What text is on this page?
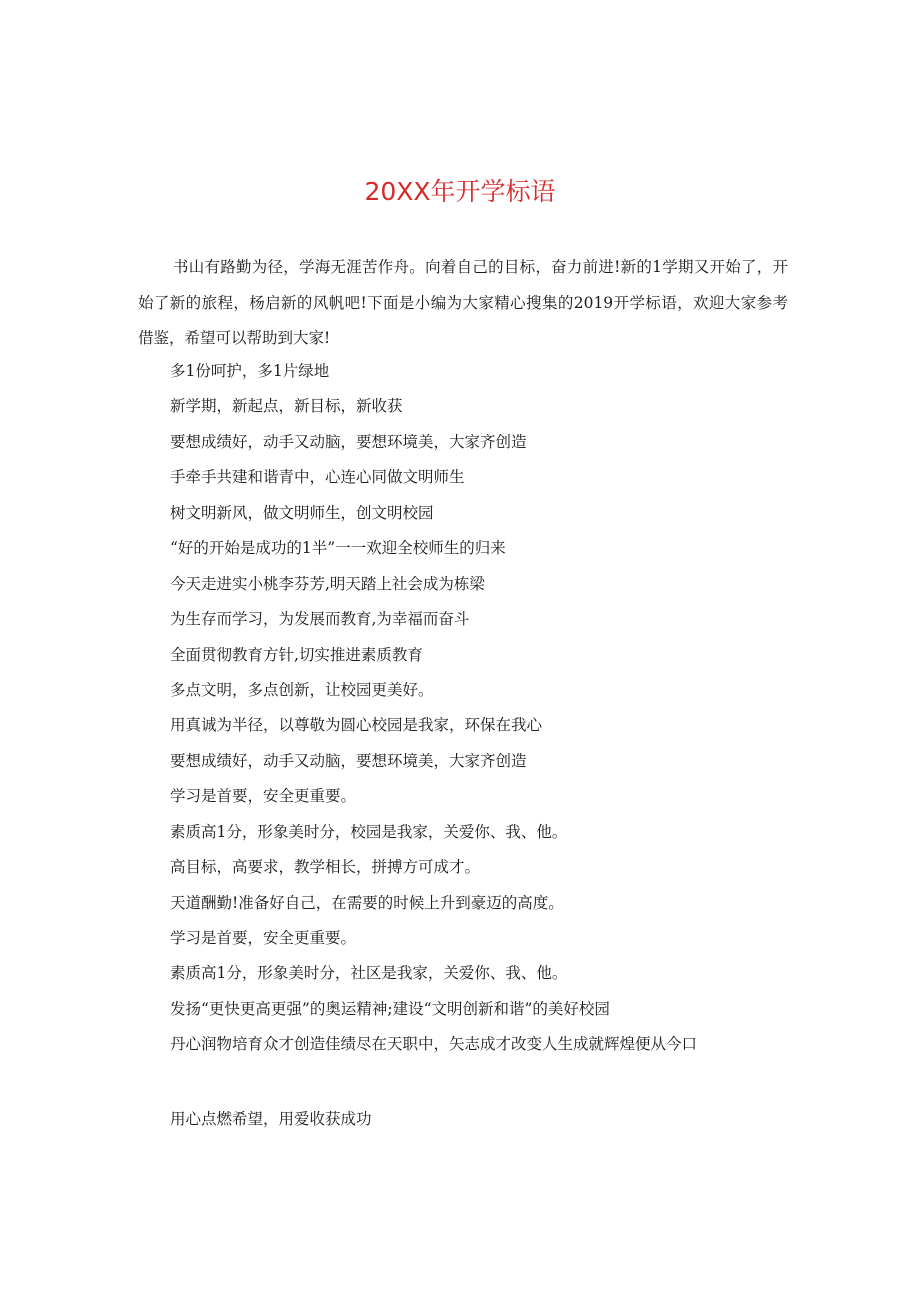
20XX年开学标语

书山有路勤为径，学海无涯苦作舟。向着自己的目标，奋力前进!新的1学期又开始了，开始了新的旅程，杨启新的风帆吧!下面是小编为大家精心搜集的2019开学标语，欢迎大家参考借鉴，希望可以帮助到大家!

多1份呵护，多1片绿地
新学期，新起点，新目标，新收获
要想成绩好，动手又动脑，要想环境美，大家齐创造
手牵手共建和谐青中，心连心同做文明师生
树文明新风，做文明师生，创文明校园
“好的开始是成功的1半”一一欢迎全校师生的归来
今天走进实小桃李芬芳,明天踏上社会成为栋梁
为生存而学习，为发展而教育,为幸福而奋斗
全面贯彻教育方针,切实推进素质教育
多点文明，多点创新，让校园更美好。
用真诚为半径，以尊敬为圆心校园是我家，环保在我心
要想成绩好，动手又动脑，要想环境美，大家齐创造
学习是首要，安全更重要。
素质高1分，形象美时分，校园是我家，关爱你、我、他。
高目标，高要求，教学相长，拼搏方可成才。
天道酬勤!准备好自己，在需要的时候上升到豪迈的高度。
学习是首要，安全更重要。
素质高1分，形象美时分，社区是我家，关爱你、我、他。
发扬“更快更高更强”的奥运精神;建设“文明创新和谐”的美好校园
丹心润物培育众才创造佳绩尽在天职中，矢志成才改变人生成就辉煌便从今口

用心点燃希望，用爱收获成功
